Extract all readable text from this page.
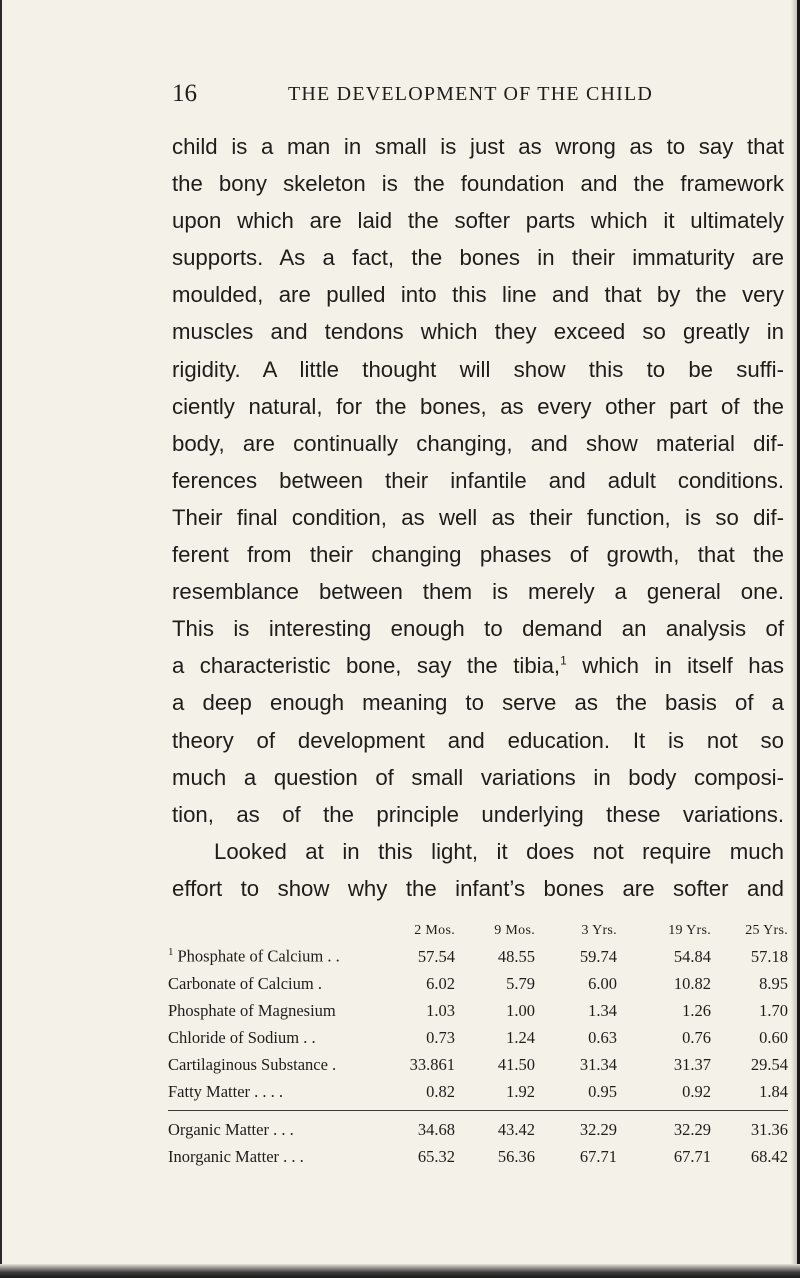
16	THE DEVELOPMENT OF THE CHILD
child is a man in small is just as wrong as to say that
the bony skeleton is the foundation and the framework
upon which are laid the softer parts which it ultimately
supports. As a fact, the bones in their immaturity are
moulded, are pulled into this line and that by the very
muscles and tendons which they exceed so greatly in
rigidity. A little thought will show this to be suffi-
ciently natural, for the bones, as every other part of the
body, are continually changing, and show material dif-
ferences between their infantile and adult conditions.
Their final condition, as well as their function, is so dif-
ferent from their changing phases of growth, that the
resemblance between them is merely a general one.
This is interesting enough to demand an analysis of
a characteristic bone, say the tibia,$^1$ which in itself has
a deep enough meaning to serve as the basis of a
theory of development and education. It is not so
much a question of small variations in body composi-
tion, as of the principle underlying these variations.
Looked at in this light, it does not require much
effort to show why the infant’s bones are softer and
	2 Mos.	9 Mos.	3 Yrs.	19 Yrs.	25 Yrs.
$^1$ Phosphate of Calcium . .	57.54	48.55	59.74	54.84	57.18
Carbonate of Calcium .	6.02	5.79	6.00	10.82	8.95
Phosphate of Magnesium	1.03	1.00	1.34	1.26	1.70
Chloride of Sodium . .	0.73	1.24	0.63	0.76	0.60
Cartilaginous Substance .	33.861	41.50	31.34	31.37	29.54
Fatty Matter . . . .	0.82	1.92	0.95	0.92	1.84

Organic Matter . . .	34.68	43.42	32.29	32.29	31.36
Inorganic Matter . . .	65.32	56.36	67.71	67.71	68.42
